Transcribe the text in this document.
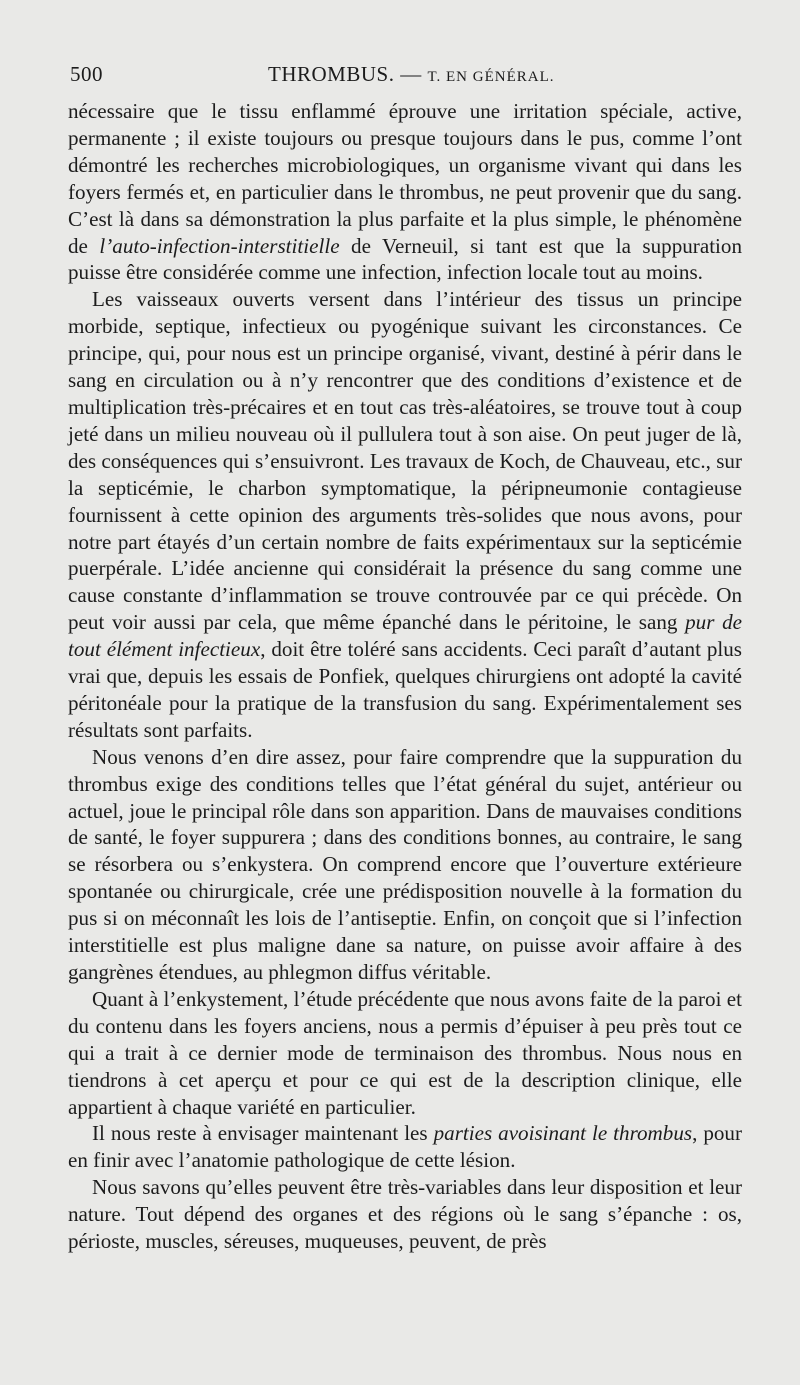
500	THROMBUS. — T. EN GÉNÉRAL.

nécessaire que le tissu enflammé éprouve une irritation spéciale, active, permanente ; il existe toujours ou presque toujours dans le pus, comme l’ont démontré les recherches microbiologiques, un organisme vivant qui dans les foyers fermés et, en particulier dans le thrombus, ne peut provenir que du sang. C’est là dans sa démonstration la plus parfaite et la plus simple, le phénomène de l’auto-infection-interstitielle de Verneuil, si tant est que la suppuration puisse être considérée comme une infection, infection locale tout au moins.

Les vaisseaux ouverts versent dans l’intérieur des tissus un principe morbide, septique, infectieux ou pyogénique suivant les circonstances. Ce principe, qui, pour nous est un principe organisé, vivant, destiné à périr dans le sang en circulation ou à n’y rencontrer que des conditions d’existence et de multiplication très-précaires et en tout cas très-aléatoires, se trouve tout à coup jeté dans un milieu nouveau où il pullulera tout à son aise. On peut juger de là, des conséquences qui s’ensuivront. Les travaux de Koch, de Chauveau, etc., sur la septicémie, le charbon symptomatique, la péripneumonie contagieuse fournissent à cette opinion des arguments très-solides que nous avons, pour notre part étayés d’un certain nombre de faits expérimentaux sur la septicémie puerpérale. L’idée ancienne qui considérait la présence du sang comme une cause constante d’inflammation se trouve controuvée par ce qui précède. On peut voir aussi par cela, que même épanché dans le péritoine, le sang pur de tout élément infectieux, doit être toléré sans accidents. Ceci paraît d’autant plus vrai que, depuis les essais de Ponfiek, quelques chirurgiens ont adopté la cavité péritonéale pour la pratique de la transfusion du sang. Expérimentalement ses résultats sont parfaits.

Nous venons d’en dire assez, pour faire comprendre que la suppuration du thrombus exige des conditions telles que l’état général du sujet, antérieur ou actuel, joue le principal rôle dans son apparition. Dans de mauvaises conditions de santé, le foyer suppurera ; dans des conditions bonnes, au contraire, le sang se résorbera ou s’enkystera. On comprend encore que l’ouverture extérieure spontanée ou chirurgicale, crée une prédisposition nouvelle à la formation du pus si on méconnaît les lois de l’antiseptie. Enfin, on conçoit que si l’infection interstitielle est plus maligne dane sa nature, on puisse avoir affaire à des gangrènes étendues, au phlegmon diffus véritable.

Quant à l’enkystement, l’étude précédente que nous avons faite de la paroi et du contenu dans les foyers anciens, nous a permis d’épuiser à peu près tout ce qui a trait à ce dernier mode de terminaison des thrombus. Nous nous en tiendrons à cet aperçu et pour ce qui est de la description clinique, elle appartient à chaque variété en particulier.

Il nous reste à envisager maintenant les parties avoisinant le thrombus, pour en finir avec l’anatomie pathologique de cette lésion.

Nous savons qu’elles peuvent être très-variables dans leur disposition et leur nature. Tout dépend des organes et des régions où le sang s’épanche : os, périoste, muscles, séreuses, muqueuses, peuvent, de près
